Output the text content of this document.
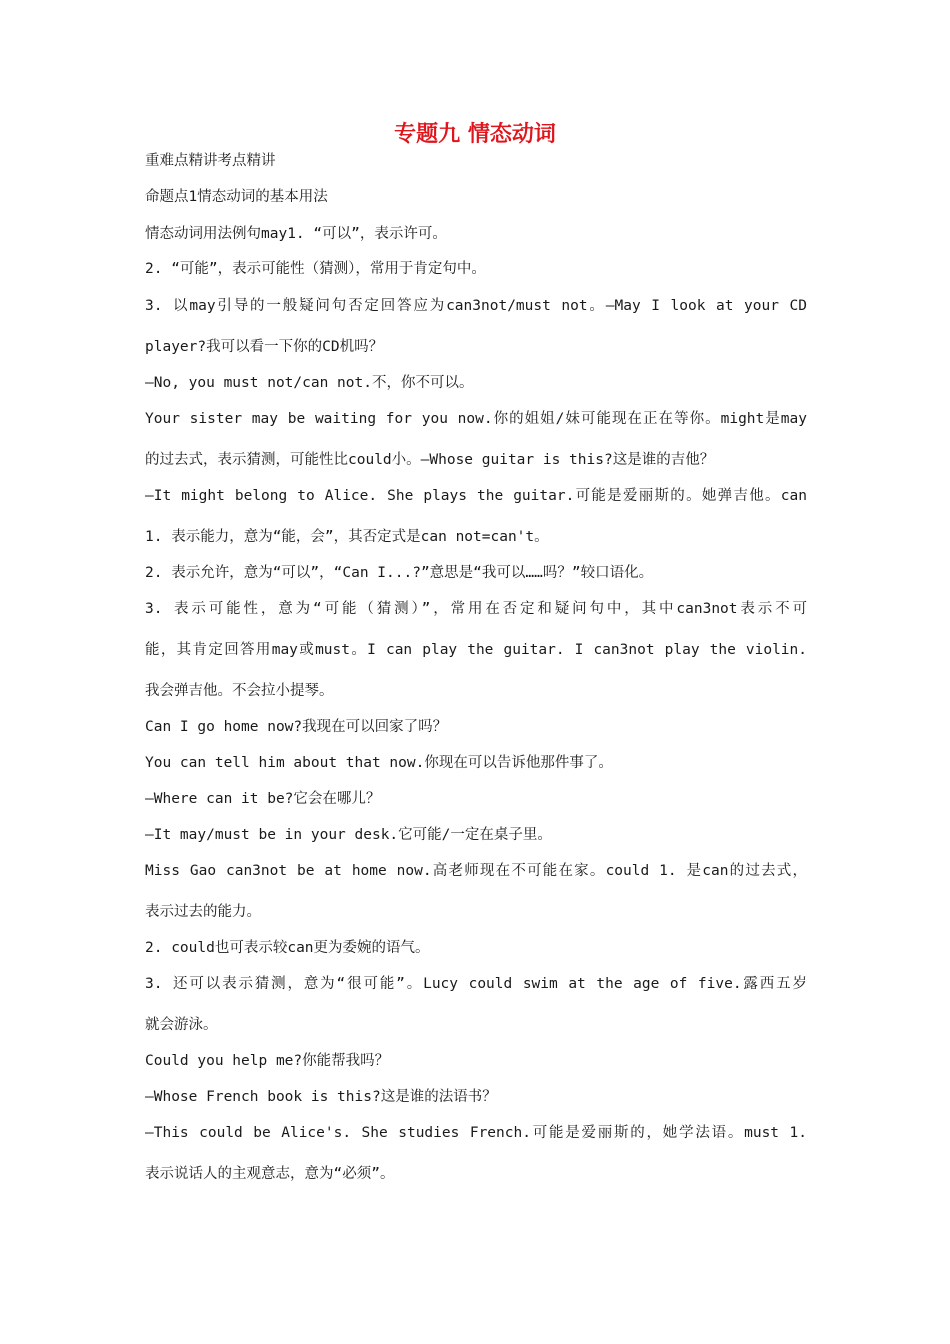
专题九 情态动词
重难点精讲考点精讲
命题点1情态动词的基本用法
情态动词用法例句may1. “可以”，表示许可。
2. “可能”，表示可能性（猜测），常用于肯定句中。
3. 以may引导的一般疑问句否定回答应为can3not/must not。—May I look at your CD
player?我可以看一下你的CD机吗？
—No, you must not/can not.不，你不可以。
Your sister may be waiting for you now.你的姐姐/妹可能现在正在等你。might是may
的过去式，表示猜测，可能性比could小。—Whose guitar is this?这是谁的吉他？
—It might belong to Alice. She plays the guitar.可能是爱丽斯的。她弹吉他。can
1. 表示能力，意为“能，会”，其否定式是can not=can't。
2. 表示允许，意为“可以”，“Can I...?”意思是“我可以……吗？”较口语化。
3. 表示可能性，意为“可能（猜测）”，常用在否定和疑问句中，其中can3not表示不可
能，其肯定回答用may或must。I can play the guitar. I can3not play the violin.
我会弹吉他。不会拉小提琴。
Can I go home now?我现在可以回家了吗？
You can tell him about that now.你现在可以告诉他那件事了。
—Where can it be?它会在哪儿？
—It may/must be in your desk.它可能/一定在桌子里。
Miss Gao can3not be at home now.高老师现在不可能在家。could 1. 是can的过去式，
表示过去的能力。
2. could也可表示较can更为委婉的语气。
3. 还可以表示猜测，意为“很可能”。Lucy could swim at the age of five.露西五岁
就会游泳。
Could you help me?你能帮我吗？
—Whose French book is this?这是谁的法语书？
—This could be Alice's. She studies French.可能是爱丽斯的，她学法语。must 1.
表示说话人的主观意志，意为“必须”。
